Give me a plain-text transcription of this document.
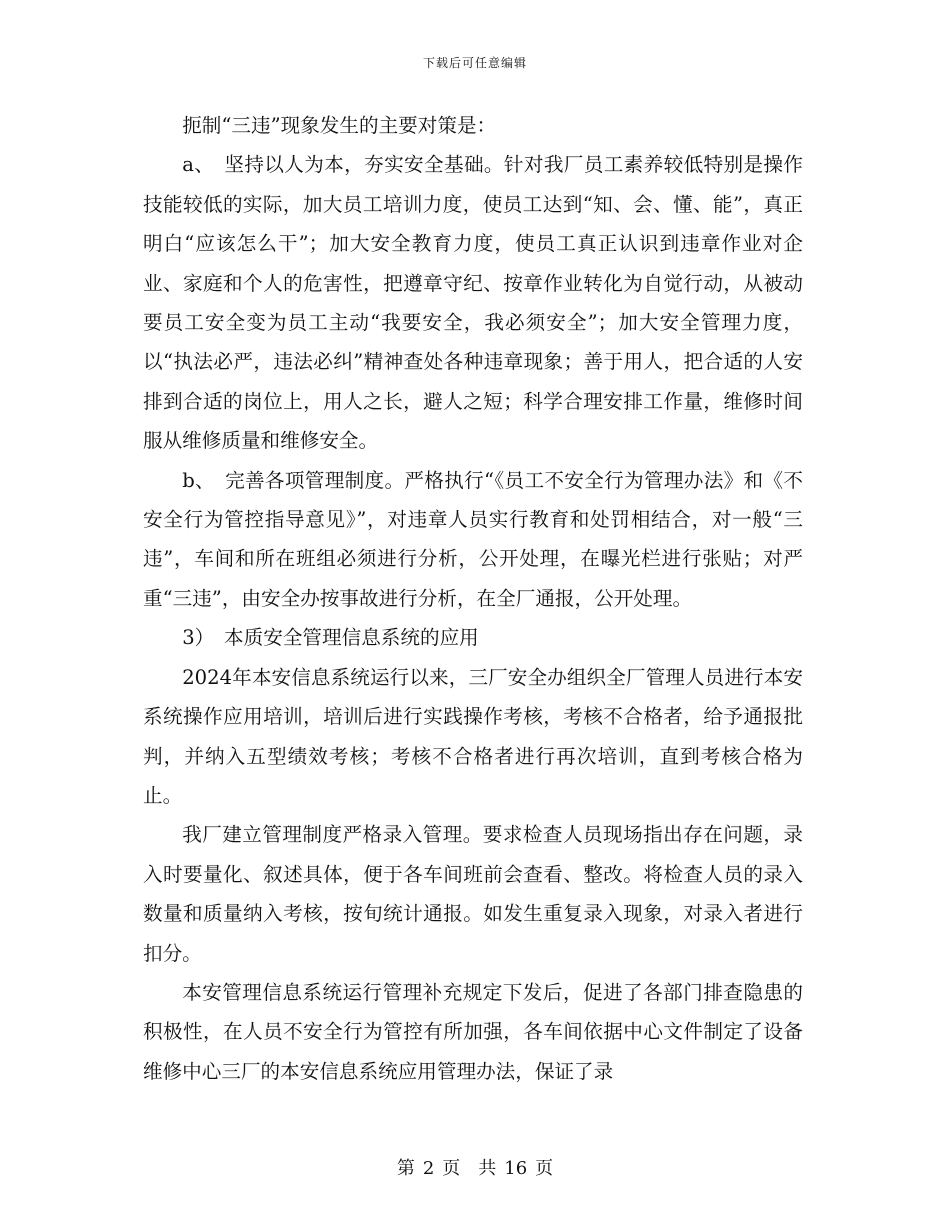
下载后可任意编辑

扼制“三违”现象发生的主要对策是：

a、　坚持以人为本，夯实安全基础。针对我厂员工素养较低特别是操作技能较低的实际，加大员工培训力度，使员工达到“知、会、懂、能”，真正明白“应该怎么干”；加大安全教育力度，使员工真正认识到违章作业对企业、家庭和个人的危害性，把遵章守纪、按章作业转化为自觉行动，从被动要员工安全变为员工主动“我要安全，我必须安全”；加大安全管理力度，以“执法必严，违法必纠”精神查处各种违章现象；善于用人，把合适的人安排到合适的岗位上，用人之长，避人之短；科学合理安排工作量，维修时间服从维修质量和维修安全。

b、　完善各项管理制度。严格执行“《员工不安全行为管理办法》和《不安全行为管控指导意见》”，对违章人员实行教育和处罚相结合，对一般“三违”，车间和所在班组必须进行分析，公开处理，在曝光栏进行张贴；对严重“三违”，由安全办按事故进行分析，在全厂通报，公开处理。

3）　本质安全管理信息系统的应用

2024年本安信息系统运行以来，三厂安全办组织全厂管理人员进行本安系统操作应用培训，培训后进行实践操作考核，考核不合格者，给予通报批判，并纳入五型绩效考核；考核不合格者进行再次培训，直到考核合格为止。

我厂建立管理制度严格录入管理。要求检查人员现场指出存在问题，录入时要量化、叙述具体，便于各车间班前会查看、整改。将检查人员的录入数量和质量纳入考核，按旬统计通报。如发生重复录入现象，对录入者进行扣分。

本安管理信息系统运行管理补充规定下发后，促进了各部门排查隐患的积极性，在人员不安全行为管控有所加强，各车间依据中心文件制定了设备维修中心三厂的本安信息系统应用管理办法，保证了录

第 2 页　共 16 页
